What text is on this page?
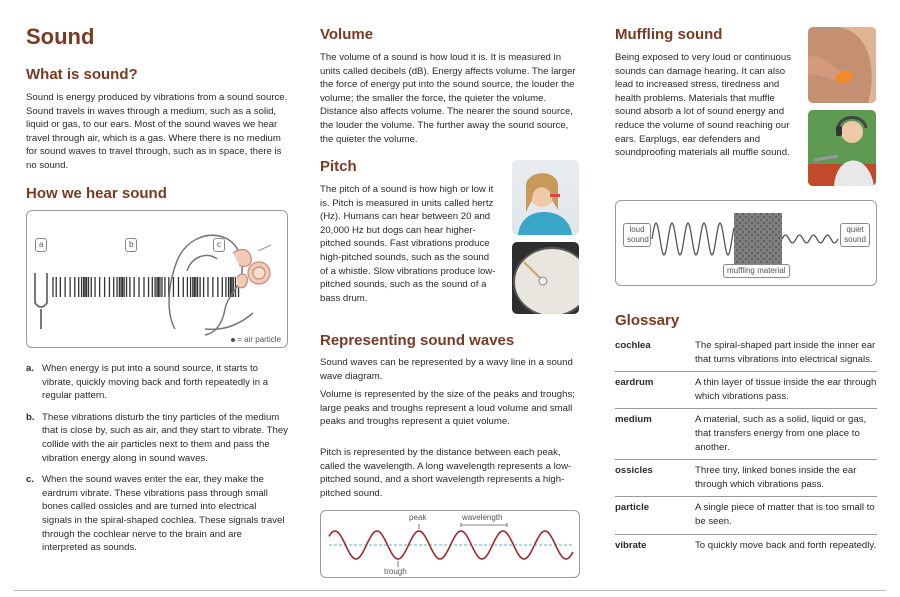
Sound
What is sound?

Sound is energy produced by vibrations from a sound source. Sound travels in waves through a medium, such as a solid, liquid or gas, to our ears. Most of the sound waves we hear travel through air, which is a gas. Where there is no medium for sound waves to travel through, such as in space, there is no sound.

How we hear sound
a	b	c
= air particle
a. When energy is put into a sound source, it starts to vibrate, quickly moving back and forth repeatedly in a regular pattern.
b. These vibrations disturb the tiny particles of the medium that is close by, such as air, and they start to vibrate. They collide with the air particles next to them and pass the vibration energy along in sound waves.
c. When the sound waves enter the ear, they make the eardrum vibrate. These vibrations pass through small bones called ossicles and are turned into electrical signals in the spiral-shaped cochlea. These signals travel through the cochlear nerve to the brain and are interpreted as sounds.
Volume

The volume of a sound is how loud it is. It is measured in units called decibels (dB). Energy affects volume. The larger the force of energy put into the sound source, the louder the volume; the smaller the force, the quieter the volume. Distance also affects volume. The nearer the sound source, the louder the volume. The further away the sound source, the quieter the volume.

Pitch

The pitch of a sound is how high or low it is. Pitch is measured in units called hertz (Hz). Humans can hear between 20 and 20,000 Hz but dogs can hear higher-pitched sounds. Fast vibrations produce high-pitched sounds, such as the sound of a whistle. Slow vibrations produce low-pitched sounds, such as the sound of a bass drum.

Representing sound waves

Sound waves can be represented by a wavy line in a sound wave diagram.

Volume is represented by the size of the peaks and troughs; large peaks and troughs represent a loud volume and small peaks and troughs represent a quiet volume.

Pitch is represented by the distance between each peak, called the wavelength. A long wavelength represents a low-pitched sound, and a short wavelength represents a high-pitched sound.

peak	wavelength
trough
Muffling sound

Being exposed to very loud or continuous sounds can damage hearing. It can also lead to increased stress, tiredness and health problems. Materials that muffle sound absorb a lot of sound energy and reduce the volume of sound reaching our ears. Earplugs, ear defenders and soundproofing materials all muffle sound.

loud sound
quiet sound
muffling material
Glossary
cochlea	The spiral-shaped part inside the inner ear that turns vibrations into electrical signals.
eardrum	A thin layer of tissue inside the ear through which vibrations pass.
medium	A material, such as a solid, liquid or gas, that transfers energy from one place to another.
ossicles	Three tiny, linked bones inside the ear through which vibrations pass.
particle	A single piece of matter that is too small to be seen.
vibrate	To quickly move back and forth repeatedly.
